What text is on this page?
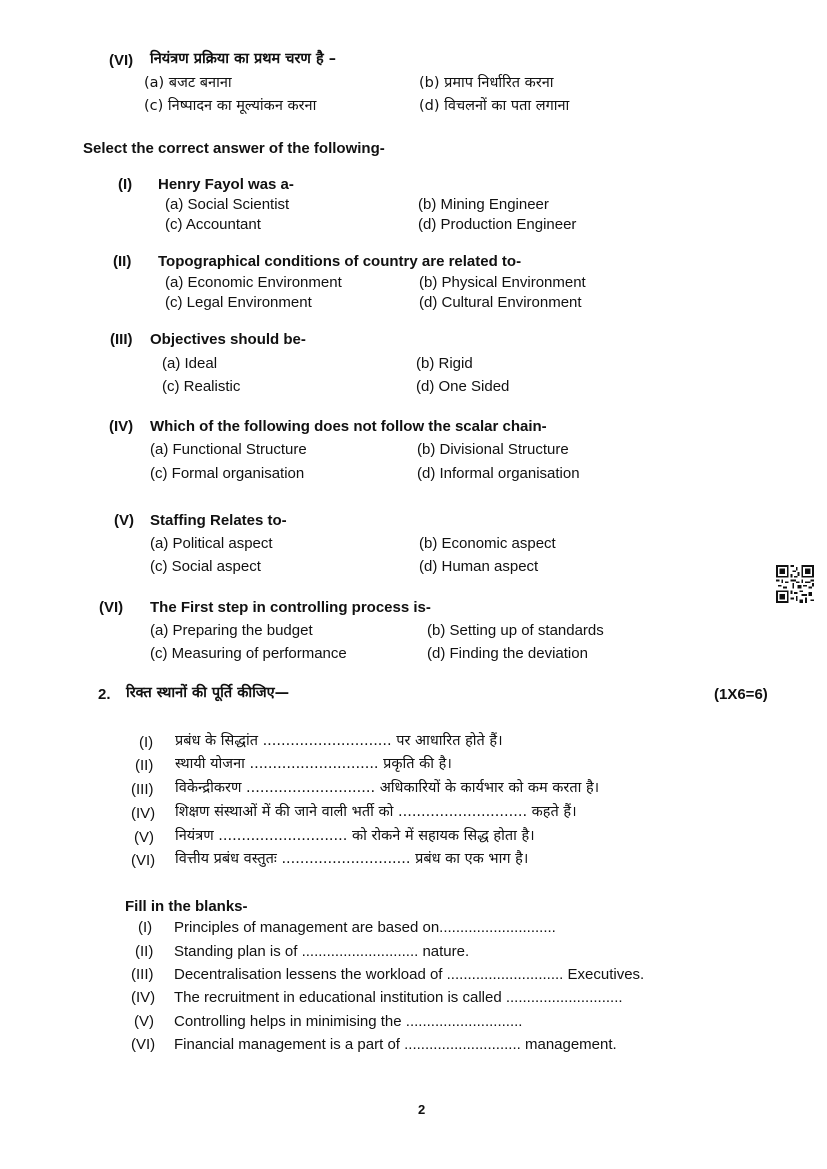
(VI) नियंत्रण प्रक्रिया का प्रथम चरण है –
(a) बजट बनाना	(b) प्रमाप निर्धारित करना
(c) निष्पादन का मूल्यांकन करना	(d) विचलनों का पता लगाना
Select the correct answer of the following-
(I) Henry Fayol was a-
(a) Social Scientist	(b) Mining Engineer
(c) Accountant	(d) Production Engineer
(II) Topographical conditions of country are related to-
(a) Economic Environment	(b) Physical Environment
(c) Legal Environment	(d) Cultural Environment
(III) Objectives should be-
(a) Ideal	(b) Rigid
(c) Realistic	(d) One Sided
(IV) Which of the following does not follow the scalar chain-
(a) Functional Structure	(b) Divisional Structure
(c) Formal organisation	(d) Informal organisation
(V) Staffing Relates to-
(a) Political aspect	(b) Economic aspect
(c) Social aspect	(d) Human aspect
(VI) The First step in controlling process is-
(a) Preparing the budget	(b) Setting up of standards
(c) Measuring of performance	(d) Finding the deviation
2. रिक्त स्थानों की पूर्ति कीजिए—	(1X6=6)
(I) प्रबंध के सिद्धांत ............................ पर आधारित होते हैं।
(II) स्थायी योजना ............................ प्रकृति की है।
(III) विकेन्द्रीकरण ............................ अधिकारियों के कार्यभार को कम करता है।
(IV) शिक्षण संस्थाओं में की जाने वाली भर्ती को ............................ कहते हैं।
(V) नियंत्रण ............................ को रोकने में सहायक सिद्ध होता है।
(VI) वित्तीय प्रबंध वस्तुतः ............................ प्रबंध का एक भाग है।
Fill in the blanks-
(I) Principles of management are based on............................
(II) Standing plan is of ............................ nature.
(III) Decentralisation lessens the workload of ............................ Executives.
(IV) The recruitment in educational institution is called ............................
(V) Controlling helps in minimising the ............................
(VI) Financial management is a part of ............................ management.
2
